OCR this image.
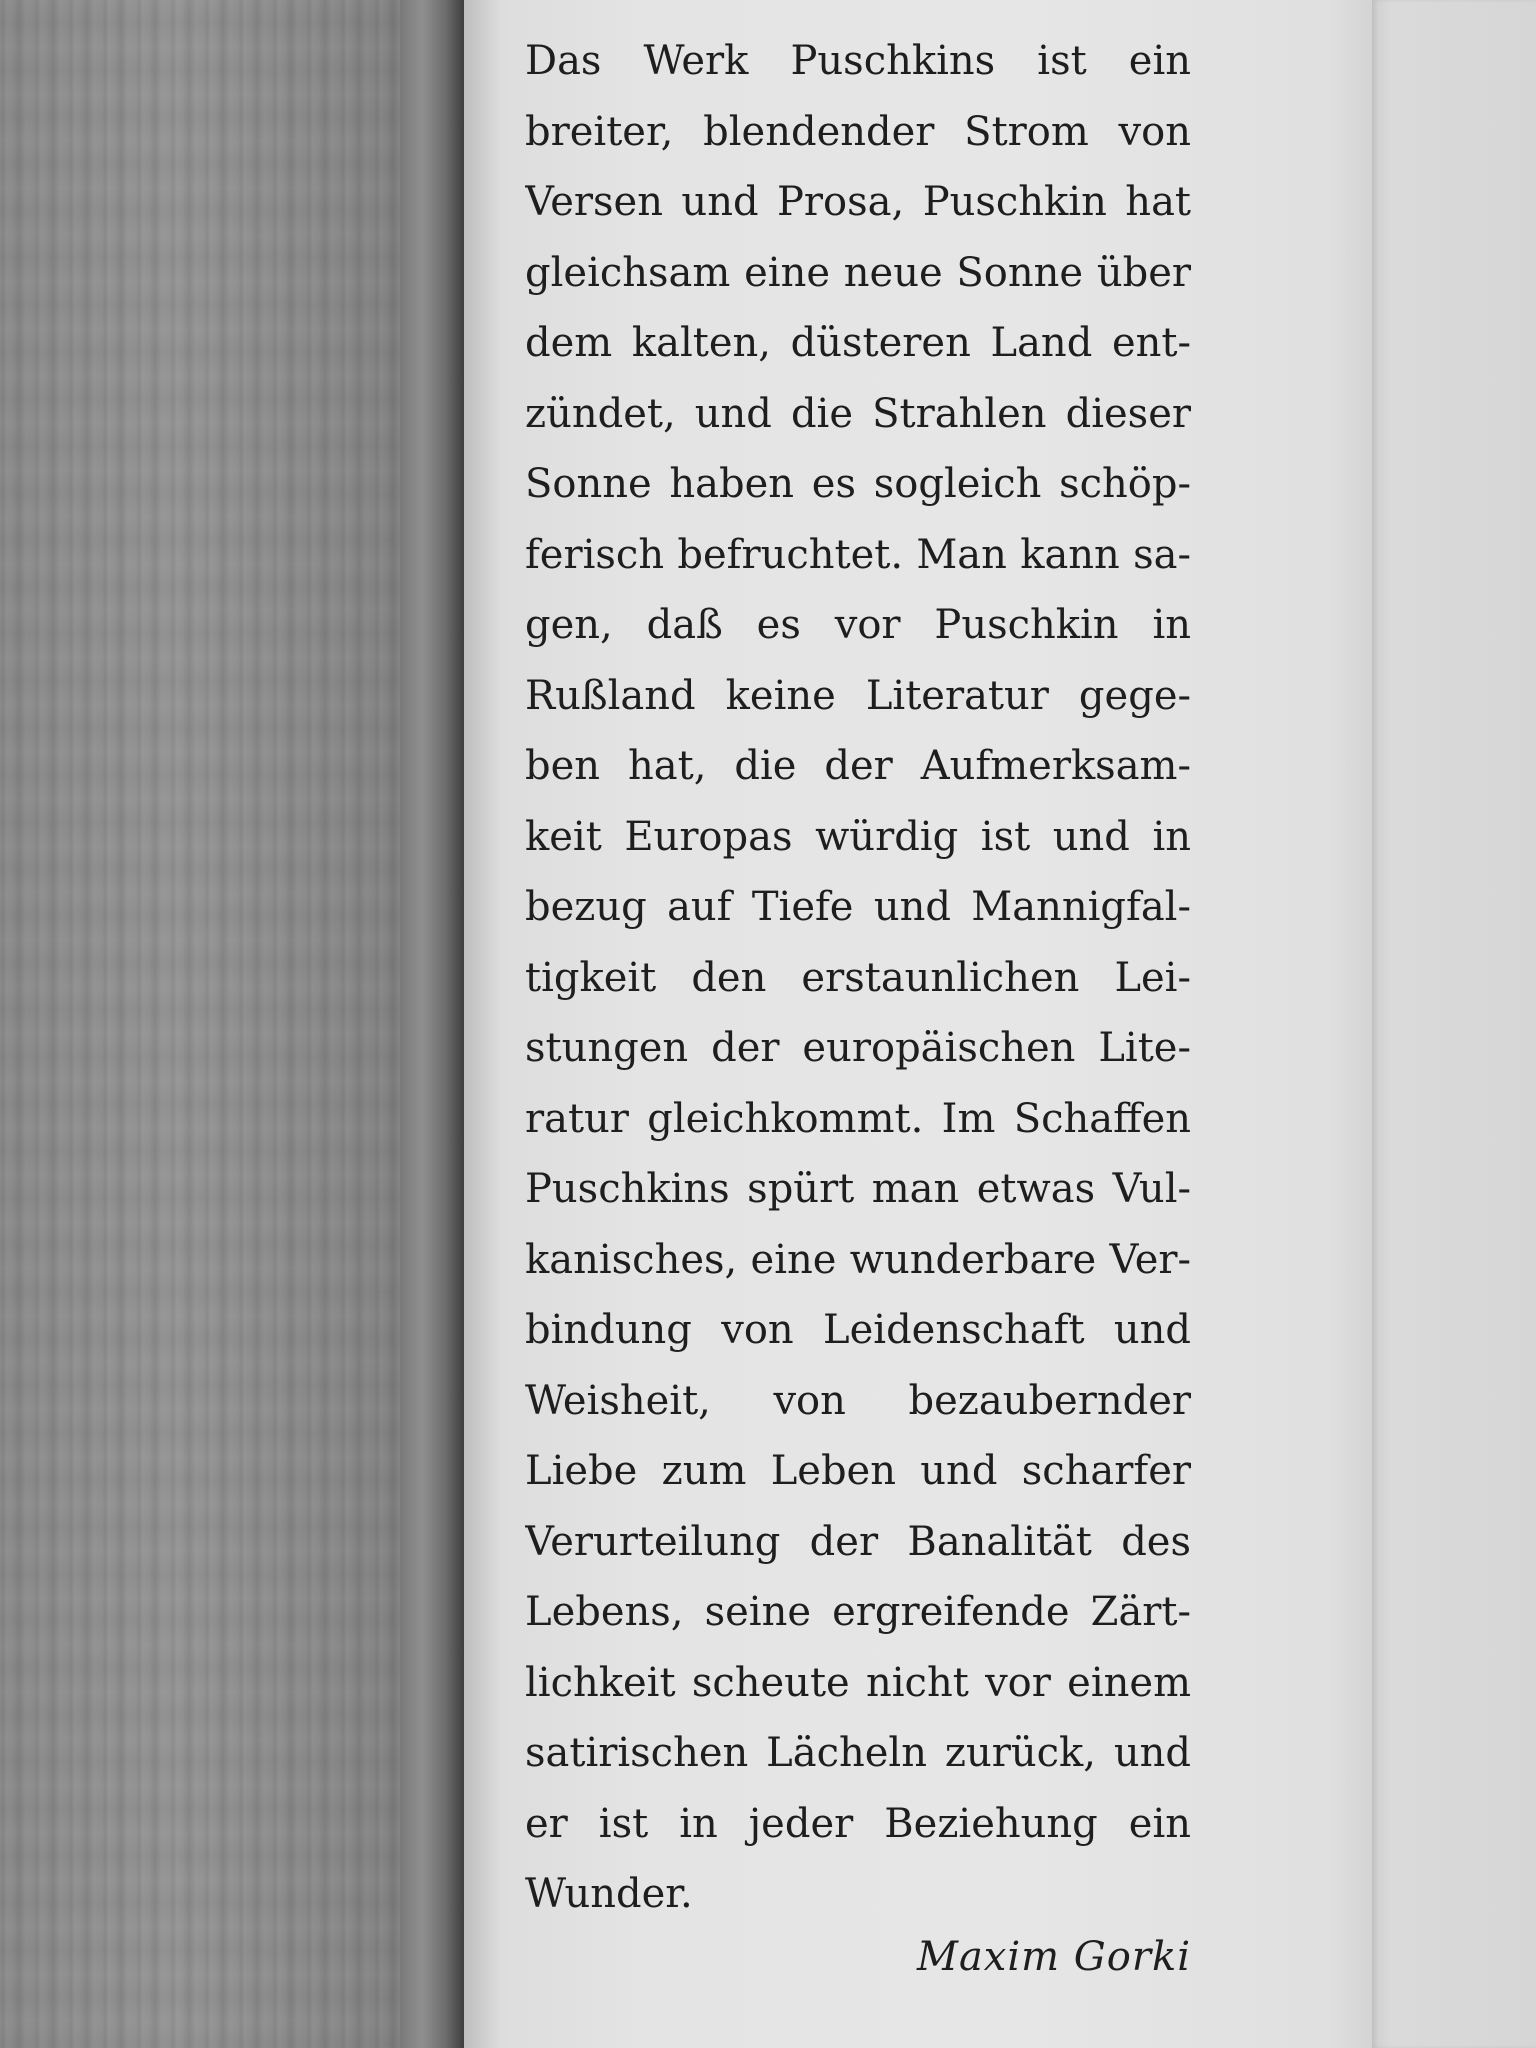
Das Werk Puschkins ist ein
breiter, blendender Strom von
Versen und Prosa, Puschkin hat
gleichsam eine neue Sonne über
dem kalten, düsteren Land ent-
zündet, und die Strahlen dieser
Sonne haben es sogleich schöp-
ferisch befruchtet. Man kann sa-
gen, daß es vor Puschkin in
Rußland keine Literatur gege-
ben hat, die der Aufmerksam-
keit Europas würdig ist und in
bezug auf Tiefe und Mannigfal-
tigkeit den erstaunlichen Lei-
stungen der europäischen Lite-
ratur gleichkommt. Im Schaffen
Puschkins spürt man etwas Vul-
kanisches, eine wunderbare Ver-
bindung von Leidenschaft und
Weisheit, von bezaubernder
Liebe zum Leben und scharfer
Verurteilung der Banalität des
Lebens, seine ergreifende Zärt-
lichkeit scheute nicht vor einem
satirischen Lächeln zurück, und
er ist in jeder Beziehung ein
Wunder.
Maxim Gorki
